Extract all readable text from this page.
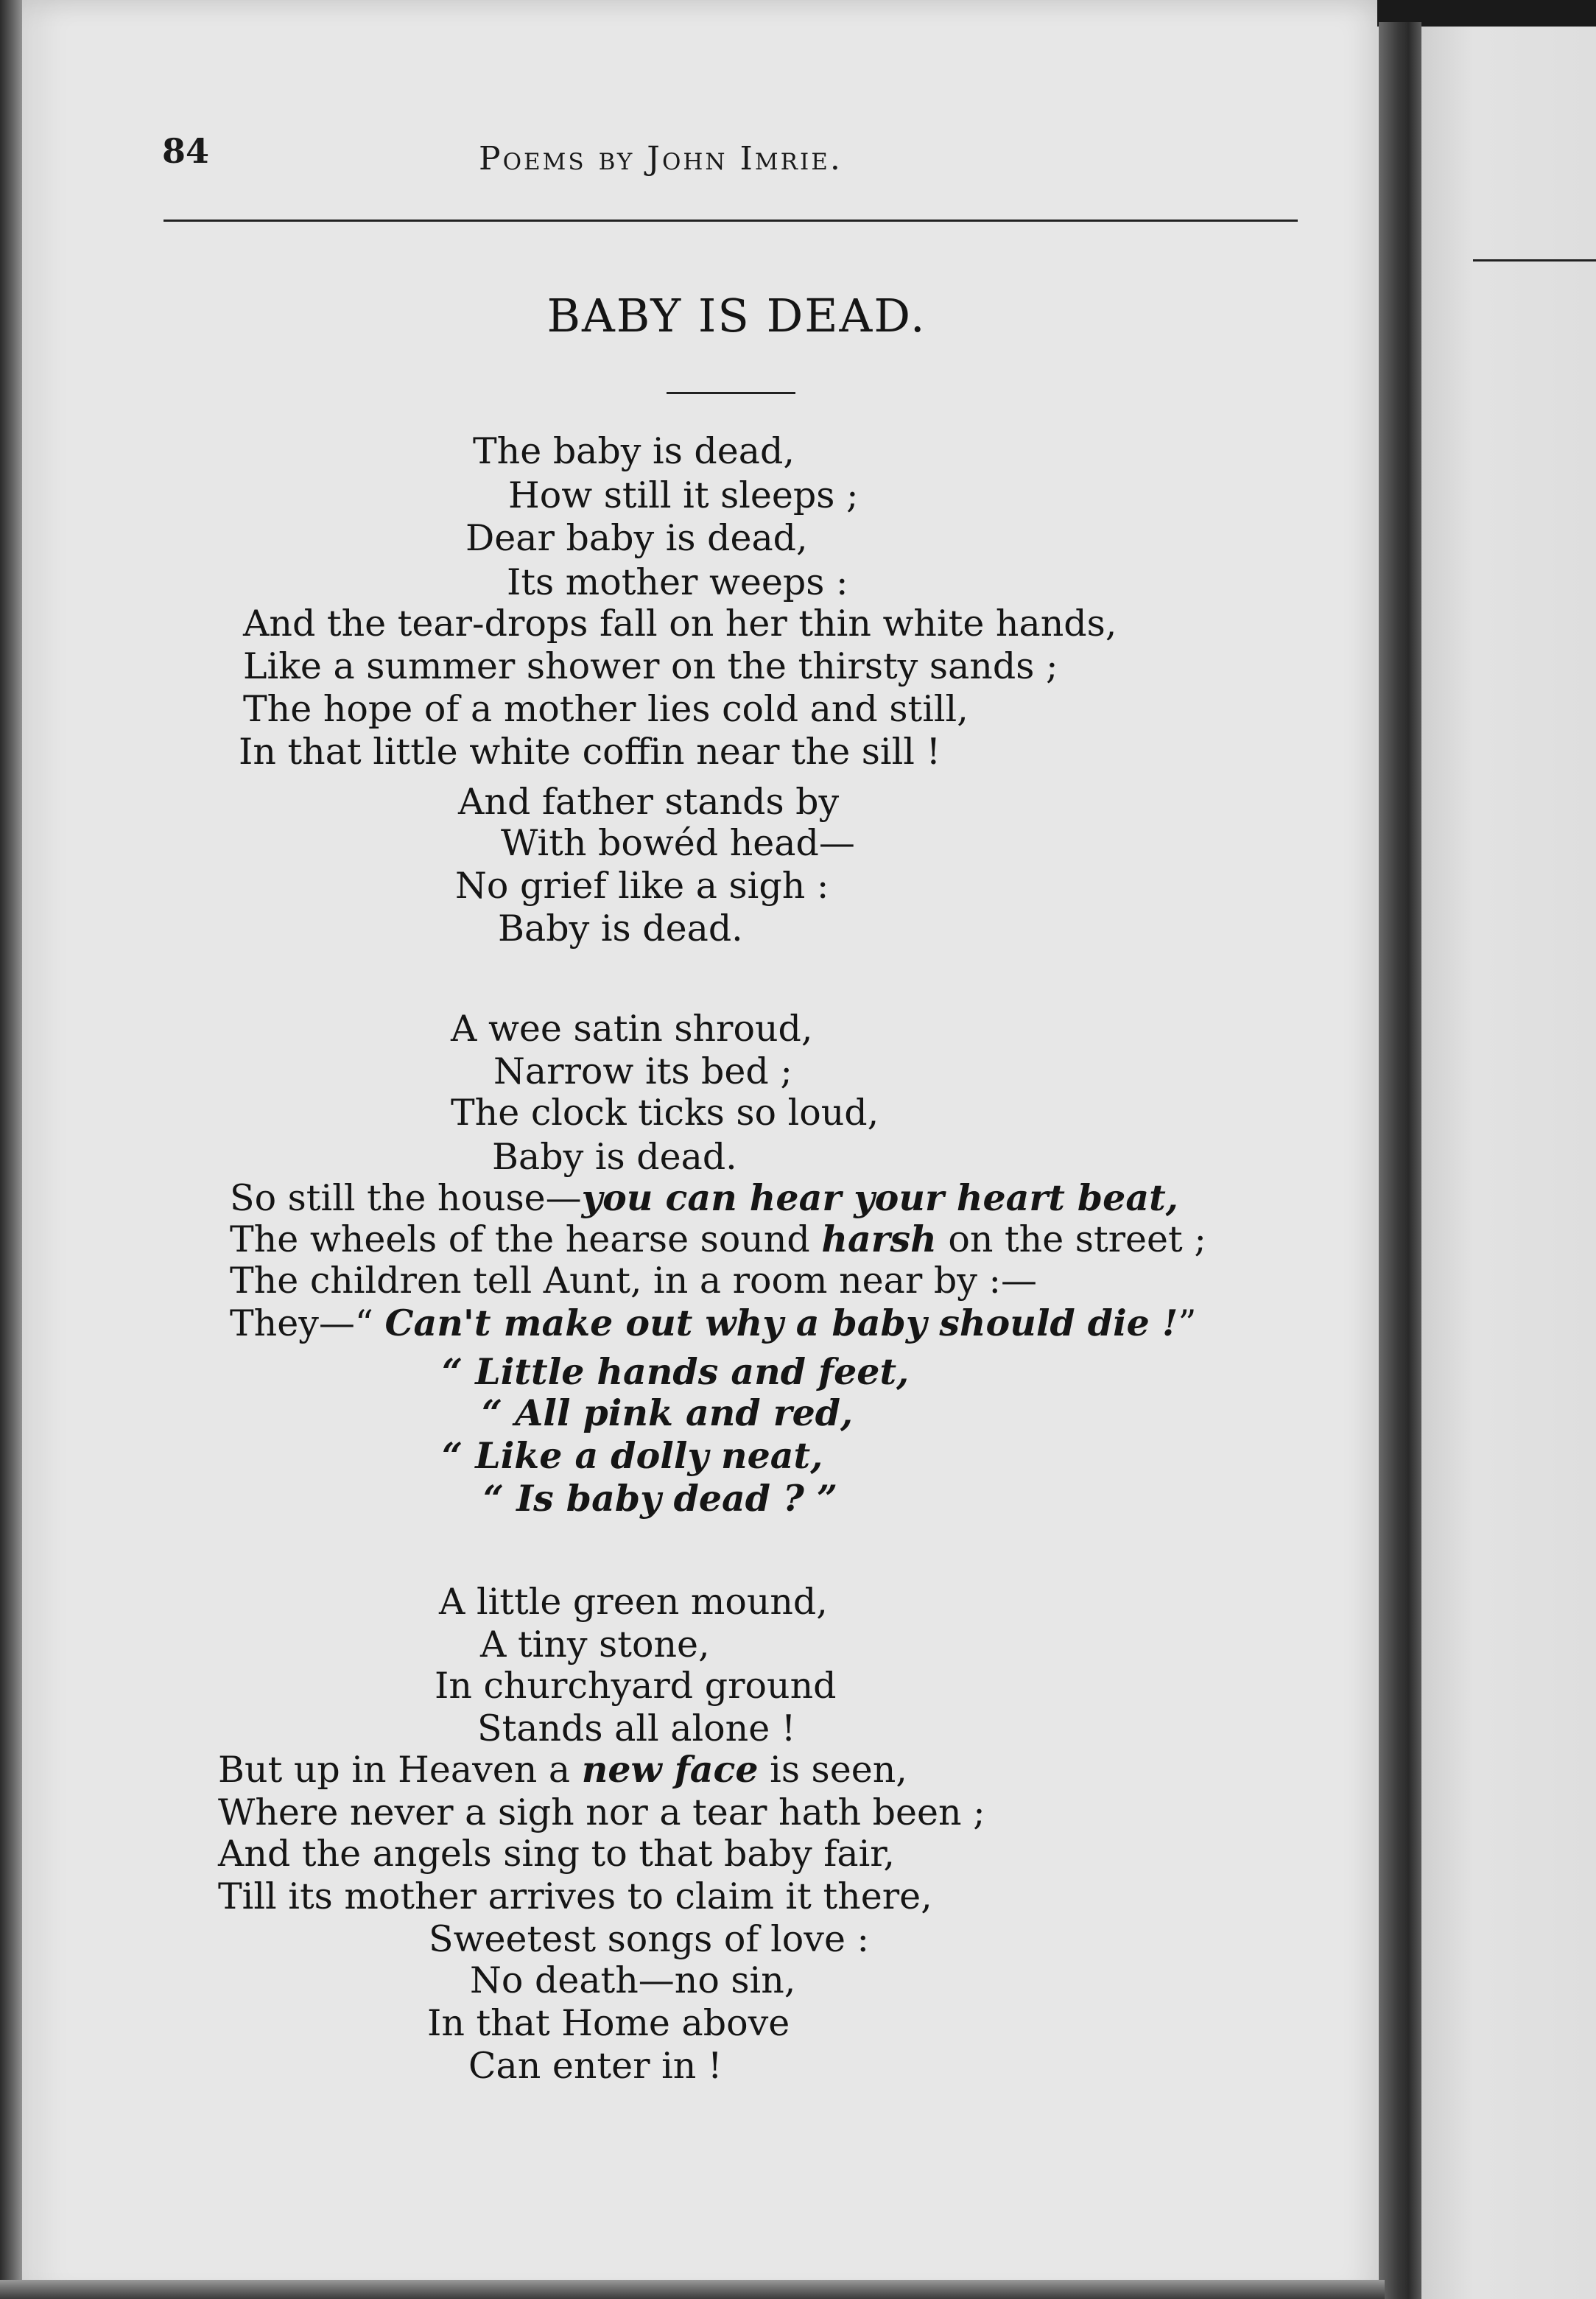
84	Poems by John Imrie.

BABY IS DEAD.

The baby is dead,

How still it sleeps ;

Dear baby is dead,

Its mother weeps :

And the tear-drops fall on her thin white hands,

Like a summer shower on the thirsty sands ;

The hope of a mother lies cold and still,

In that little white coffin near the sill !

And father stands by

With bowéd head—

No grief like a sigh :

Baby is dead.

A wee satin shroud,

Narrow its bed ;

The clock ticks so loud,

Baby is dead.

So still the house—you can hear your heart beat,

The wheels of the hearse sound harsh on the street ;

The children tell Aunt, in a room near by :—

They—“ Can't make out why a baby should die !”

“ Little hands and feet,

“ All pink and red,

“ Like a dolly neat,

“ Is baby dead ? ”

A little green mound,

A tiny stone,

In churchyard ground

Stands all alone !

But up in Heaven a new face is seen,

Where never a sigh nor a tear hath been ;

And the angels sing to that baby fair,

Till its mother arrives to claim it there,

Sweetest songs of love :

No death—no sin,

In that Home above

Can enter in !
